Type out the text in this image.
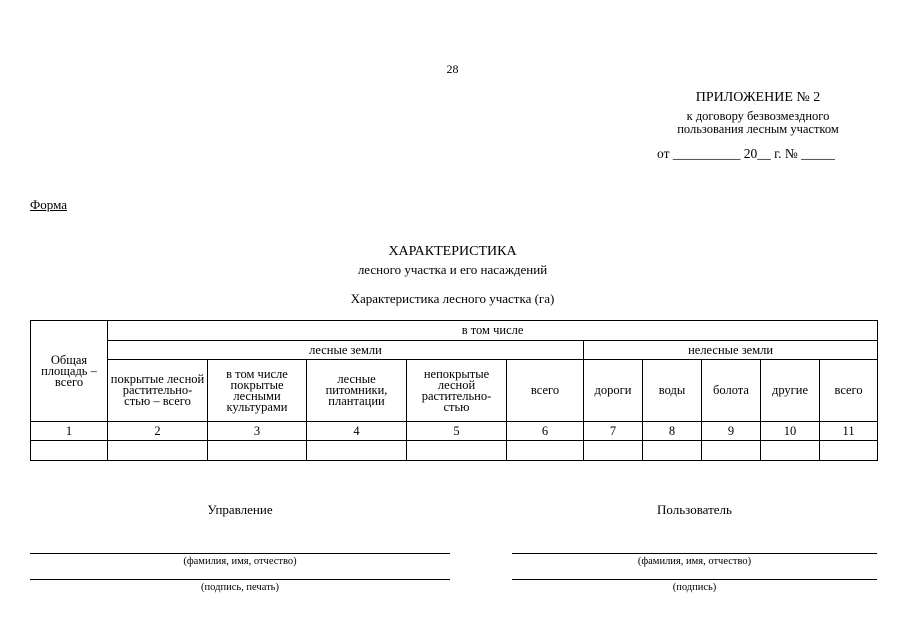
28
ПРИЛОЖЕНИЕ № 2
к договору безвозмездного
пользования лесным участком
от __________ 20__ г. № _____
Форма
ХАРАКТЕРИСТИКА
лесного участка и его насаждений
Характеристика лесного участка (га)
Общая площадь – всего	в том числе									
	лесные земли					нелесные земли				
	покрытые лесной растительно-стью – всего	в том числе покрытые лесными культурами	лесные питомники, плантации	непокрытые лесной растительно-стью	всего	дороги	воды	болота	другие	всего
1	2	3	4	5	6	7	8	9	10	11

Управление
(фамилия, имя, отчество)
(подпись, печать)
Пользователь
(фамилия, имя, отчество)
(подпись)
